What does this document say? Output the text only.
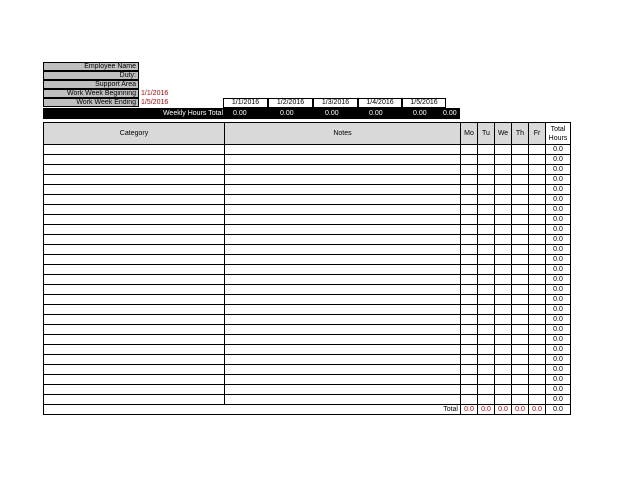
Employee Name
Duty:
Support Area
Work Week Beginning 1/1/2016
Work Week Ending 1/5/2016	1/1/2016	1/2/2016	1/3/2016	1/4/2016	1/5/2016
Weekly Hours Total 0.00	0.00	0.00	0.00	0.00 0.00
Category	Notes	Mo	Tu	We	Th	Fr	Total
Hours
							0.0
							0.0
							0.0
							0.0
							0.0
							0.0
							0.0
							0.0
							0.0
							0.0
							0.0
							0.0
							0.0
							0.0
							0.0
							0.0
							0.0
							0.0
							0.0
							0.0
							0.0
							0.0
							0.0
							0.0
							0.0
							0.0
Total		0.0	0.0	0.0	0.0	0.0	0.0
